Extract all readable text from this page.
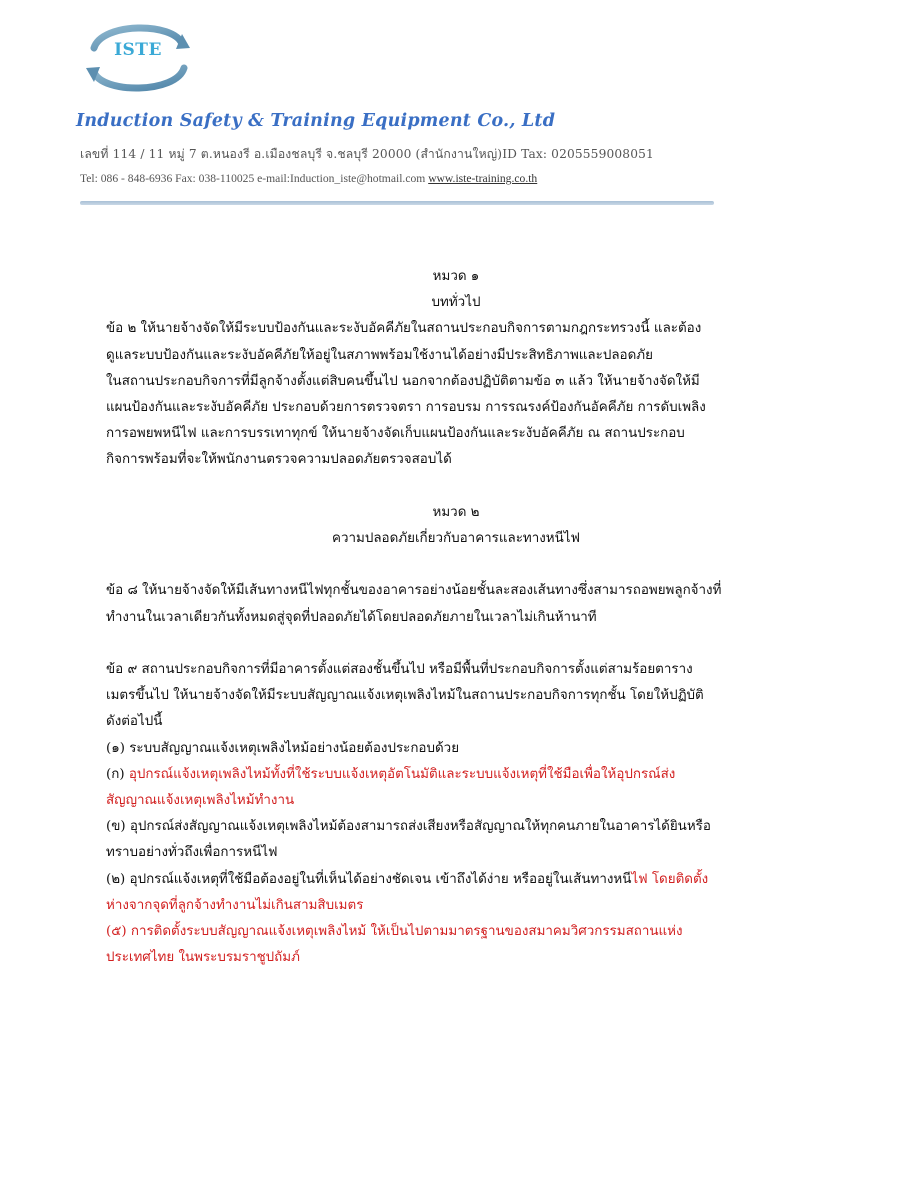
ISTE
Induction Safety & Training Equipment Co., Ltd
เลขที่ 114 / 11 หมู่ 7 ต.หนองรี อ.เมืองชลบุรี จ.ชลบุรี 20000 (สำนักงานใหญ่)ID Tax: 0205559008051
Tel: 086 - 848-6936 Fax: 038-110025 e-mail:Induction_iste@hotmail.com www.iste-training.co.th

หมวด ๑

บททั่วไป

ข้อ ๒ ให้นายจ้างจัดให้มีระบบป้องกันและระงับอัคคีภัยในสถานประกอบกิจการตามกฎกระทรวงนี้ และต้อง

ดูแลระบบป้องกันและระงับอัคคีภัยให้อยู่ในสภาพพร้อมใช้งานได้อย่างมีประสิทธิภาพและปลอดภัย

ในสถานประกอบกิจการที่มีลูกจ้างตั้งแต่สิบคนขึ้นไป นอกจากต้องปฏิบัติตามข้อ ๓ แล้ว ให้นายจ้างจัดให้มี

แผนป้องกันและระงับอัคคีภัย ประกอบด้วยการตรวจตรา การอบรม การรณรงค์ป้องกันอัคคีภัย การดับเพลิง

การอพยพหนีไฟ และการบรรเทาทุกข์ ให้นายจ้างจัดเก็บแผนป้องกันและระงับอัคคีภัย ณ สถานประกอบ

กิจการพร้อมที่จะให้พนักงานตรวจความปลอดภัยตรวจสอบได้

หมวด ๒

ความปลอดภัยเกี่ยวกับอาคารและทางหนีไฟ

ข้อ ๘ ให้นายจ้างจัดให้มีเส้นทางหนีไฟทุกชั้นของอาคารอย่างน้อยชั้นละสองเส้นทางซึ่งสามารถอพยพลูกจ้างที่

ทำงานในเวลาเดียวกันทั้งหมดสู่จุดที่ปลอดภัยได้โดยปลอดภัยภายในเวลาไม่เกินห้านาที

ข้อ ๙ สถานประกอบกิจการที่มีอาคารตั้งแต่สองชั้นขึ้นไป หรือมีพื้นที่ประกอบกิจการตั้งแต่สามร้อยตาราง

เมตรขึ้นไป ให้นายจ้างจัดให้มีระบบสัญญาณแจ้งเหตุเพลิงไหม้ในสถานประกอบกิจการทุกชั้น โดยให้ปฏิบัติ

ดังต่อไปนี้

(๑) ระบบสัญญาณแจ้งเหตุเพลิงไหม้อย่างน้อยต้องประกอบด้วย

(ก) อุปกรณ์แจ้งเหตุเพลิงไหม้ทั้งที่ใช้ระบบแจ้งเหตุอัตโนมัติและระบบแจ้งเหตุที่ใช้มือเพื่อให้อุปกรณ์ส่ง

สัญญาณแจ้งเหตุเพลิงไหม้ทำงาน

(ข) อุปกรณ์ส่งสัญญาณแจ้งเหตุเพลิงไหม้ต้องสามารถส่งเสียงหรือสัญญาณให้ทุกคนภายในอาคารได้ยินหรือ

ทราบอย่างทั่วถึงเพื่อการหนีไฟ

(๒) อุปกรณ์แจ้งเหตุที่ใช้มือต้องอยู่ในที่เห็นได้อย่างชัดเจน เข้าถึงได้ง่าย หรืออยู่ในเส้นทางหนีไฟ โดยติดตั้ง

ห่างจากจุดที่ลูกจ้างทำงานไม่เกินสามสิบเมตร

(๕) การติดตั้งระบบสัญญาณแจ้งเหตุเพลิงไหม้ ให้เป็นไปตามมาตรฐานของสมาคมวิศวกรรมสถานแห่ง

ประเทศไทย ในพระบรมราชูปถัมภ์
